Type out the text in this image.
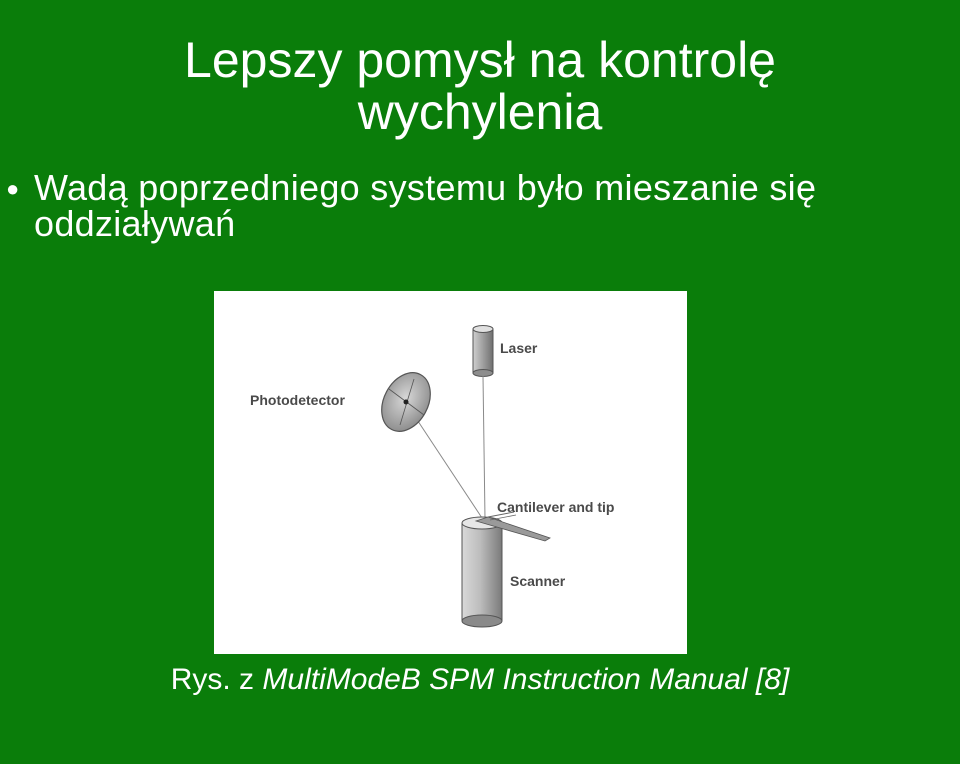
Lepszy pomysł na kontrolę wychylenia
● Wadą poprzedniego systemu było mieszanie się oddziaływań
Laser
Photodetector
Cantilever and tip
Scanner
Rys. z MultiModeB SPM Instruction Manual [8]
